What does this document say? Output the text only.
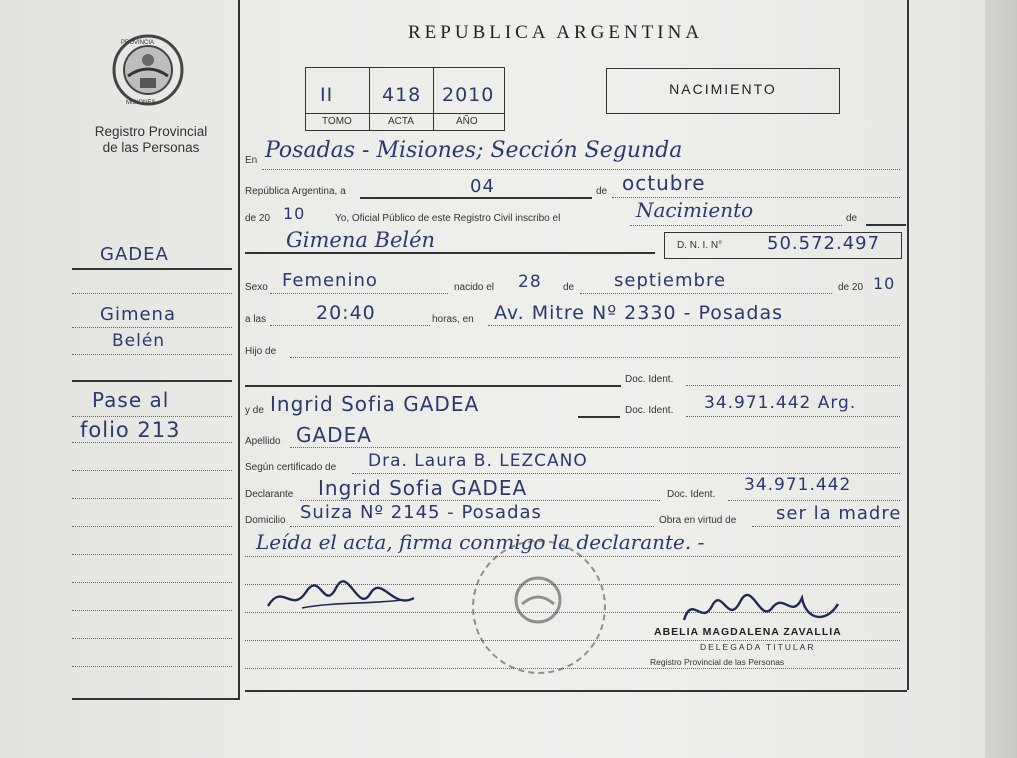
PROVINCIA
MISIONES
Registro Provincial
de las Personas
GADEA
Gimena
Belén
Pase al
folio 213
REPUBLICA ARGENTINA
II	418 2010
TOMO	ACTA	AÑO
NACIMIENTO
En Posadas - Misiones; Sección Segunda
República Argentina, a	04	de octubre
de 20 10	Yo, Oficial Público de este Registro Civil inscribo el	Nacimiento	de
Gimena Belén	D. N. I. N° 50.572.497
Sexo Femenino	nacido el 28 de septiembre	de 20 10
a las	20:40	horas, en Av. Mitre Nº 2330 - Posadas
Hijo de
Doc. Ident.
y de Ingrid Sofia GADEA	Doc. Ident. 34.971.442 Arg.
Apellido GADEA
Según certificado de Dra. Laura B. LEZCANO
Declarante Ingrid Sofia GADEA	Doc. Ident. 34.971.442
Domicilio Suiza Nº 2145 - Posadas	Obra en virtud de ser la madre
Leída el acta, firma conmigo la declarante. -
ABELIA MAGDALENA ZAVALLIA
DELEGADA TITULAR
Registro Provincial de las Personas
